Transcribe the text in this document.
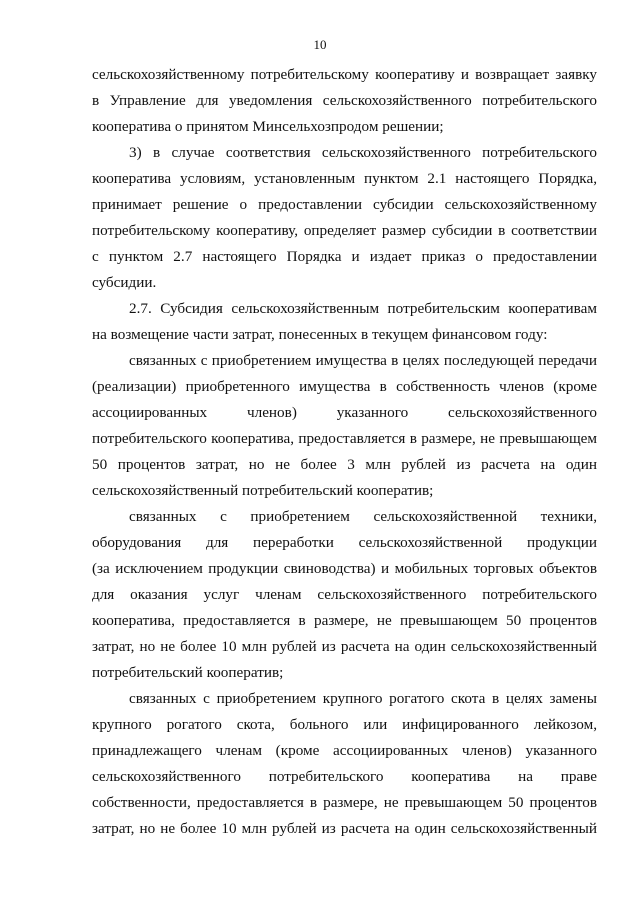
10
сельскохозяйственному потребительскому кооперативу и возвращает заявку
в Управление для уведомления сельскохозяйственного потребительского
кооператива о принятом Минсельхозпродом решении;
3) в случае соответствия сельскохозяйственного потребительского
кооператива условиям, установленным пунктом 2.1 настоящего Порядка,
принимает решение о предоставлении субсидии сельскохозяйственному
потребительскому кооперативу, определяет размер субсидии в соответствии
с пунктом 2.7 настоящего Порядка и издает приказ о предоставлении
субсидии.
2.7. Субсидия сельскохозяйственным потребительским кооперативам
на возмещение части затрат, понесенных в текущем финансовом году:
связанных с приобретением имущества в целях последующей передачи
(реализации) приобретенного имущества в собственность членов (кроме
ассоциированных членов) указанного сельскохозяйственного
потребительского кооператива, предоставляется в размере, не превышающем
50 процентов затрат, но не более 3 млн рублей из расчета на один
сельскохозяйственный потребительский кооператив;
связанных с приобретением сельскохозяйственной техники,
оборудования для переработки сельскохозяйственной продукции
(за исключением продукции свиноводства) и мобильных торговых объектов
для оказания услуг членам сельскохозяйственного потребительского
кооператива, предоставляется в размере, не превышающем 50 процентов
затрат, но не более 10 млн рублей из расчета на один сельскохозяйственный
потребительский кооператив;
связанных с приобретением крупного рогатого скота в целях замены
крупного рогатого скота, больного или инфицированного лейкозом,
принадлежащего членам (кроме ассоциированных членов) указанного
сельскохозяйственного потребительского кооператива на праве
собственности, предоставляется в размере, не превышающем 50 процентов
затрат, но не более 10 млн рублей из расчета на один сельскохозяйственный
